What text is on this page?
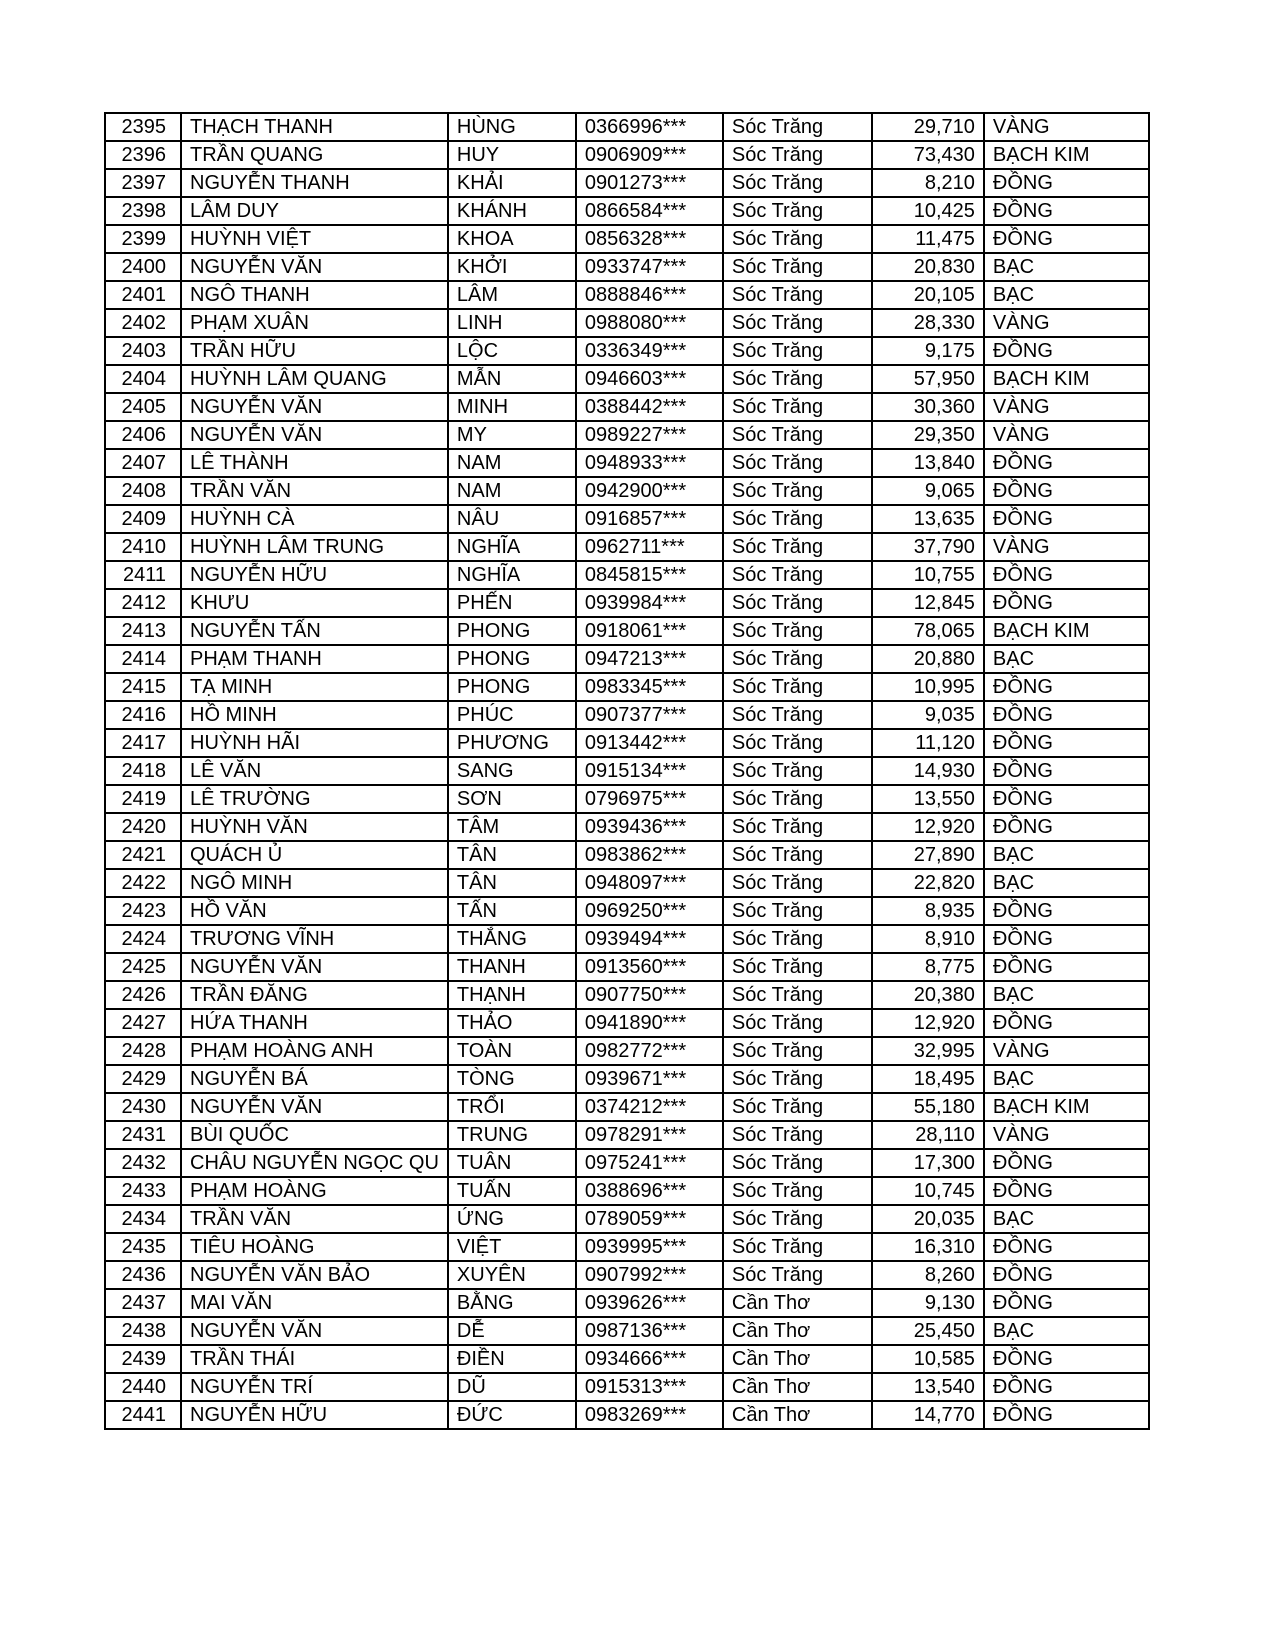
2395	THẠCH THANH	HÙNG	0366996***	Sóc Trăng	29,710	VÀNG
2396	TRẦN QUANG	HUY	0906909***	Sóc Trăng	73,430	BẠCH KIM
2397	NGUYỄN THANH	KHẢI	0901273***	Sóc Trăng	8,210	ĐỒNG
2398	LÂM DUY	KHÁNH	0866584***	Sóc Trăng	10,425	ĐỒNG
2399	HUỲNH VIỆT	KHOA	0856328***	Sóc Trăng	11,475	ĐỒNG
2400	NGUYỄN VĂN	KHỞI	0933747***	Sóc Trăng	20,830	BẠC
2401	NGÔ THANH	LÂM	0888846***	Sóc Trăng	20,105	BẠC
2402	PHẠM XUÂN	LINH	0988080***	Sóc Trăng	28,330	VÀNG
2403	TRẦN HỮU	LỘC	0336349***	Sóc Trăng	9,175	ĐỒNG
2404	HUỲNH LÂM QUANG	MẪN	0946603***	Sóc Trăng	57,950	BẠCH KIM
2405	NGUYỄN VĂN	MINH	0388442***	Sóc Trăng	30,360	VÀNG
2406	NGUYỄN VĂN	MY	0989227***	Sóc Trăng	29,350	VÀNG
2407	LÊ THÀNH	NAM	0948933***	Sóc Trăng	13,840	ĐỒNG
2408	TRẦN VĂN	NAM	0942900***	Sóc Trăng	9,065	ĐỒNG
2409	HUỲNH CÀ	NÂU	0916857***	Sóc Trăng	13,635	ĐỒNG
2410	HUỲNH LÂM TRUNG	NGHĨA	0962711***	Sóc Trăng	37,790	VÀNG
2411	NGUYỄN HỮU	NGHĨA	0845815***	Sóc Trăng	10,755	ĐỒNG
2412	KHƯU	PHẾN	0939984***	Sóc Trăng	12,845	ĐỒNG
2413	NGUYỄN TẤN	PHONG	0918061***	Sóc Trăng	78,065	BẠCH KIM
2414	PHẠM THANH	PHONG	0947213***	Sóc Trăng	20,880	BẠC
2415	TẠ MINH	PHONG	0983345***	Sóc Trăng	10,995	ĐỒNG
2416	HỒ MINH	PHÚC	0907377***	Sóc Trăng	9,035	ĐỒNG
2417	HUỲNH HÃI	PHƯƠNG	0913442***	Sóc Trăng	11,120	ĐỒNG
2418	LÊ VĂN	SANG	0915134***	Sóc Trăng	14,930	ĐỒNG
2419	LÊ TRƯỜNG	SƠN	0796975***	Sóc Trăng	13,550	ĐỒNG
2420	HUỲNH VĂN	TÂM	0939436***	Sóc Trăng	12,920	ĐỒNG
2421	QUÁCH Ủ	TÂN	0983862***	Sóc Trăng	27,890	BẠC
2422	NGÔ MINH	TÂN	0948097***	Sóc Trăng	22,820	BẠC
2423	HỒ VĂN	TẤN	0969250***	Sóc Trăng	8,935	ĐỒNG
2424	TRƯƠNG VĨNH	THẮNG	0939494***	Sóc Trăng	8,910	ĐỒNG
2425	NGUYỄN VĂN	THANH	0913560***	Sóc Trăng	8,775	ĐỒNG
2426	TRẦN ĐĂNG	THẠNH	0907750***	Sóc Trăng	20,380	BẠC
2427	HỨA THANH	THẢO	0941890***	Sóc Trăng	12,920	ĐỒNG
2428	PHẠM HOÀNG ANH	TOÀN	0982772***	Sóc Trăng	32,995	VÀNG
2429	NGUYỄN BÁ	TÒNG	0939671***	Sóc Trăng	18,495	BẠC
2430	NGUYỄN VĂN	TRỔI	0374212***	Sóc Trăng	55,180	BẠCH KIM
2431	BÙI QUỐC	TRUNG	0978291***	Sóc Trăng	28,110	VÀNG
2432	CHÂU NGUYỄN NGỌC QU	TUÂN	0975241***	Sóc Trăng	17,300	ĐỒNG
2433	PHẠM HOÀNG	TUẤN	0388696***	Sóc Trăng	10,745	ĐỒNG
2434	TRẦN VĂN	ỨNG	0789059***	Sóc Trăng	20,035	BẠC
2435	TIÊU HOÀNG	VIỆT	0939995***	Sóc Trăng	16,310	ĐỒNG
2436	NGUYỄN VĂN BẢO	XUYÊN	0907992***	Sóc Trăng	8,260	ĐỒNG
2437	MAI VĂN	BẰNG	0939626***	Cần Thơ	9,130	ĐỒNG
2438	NGUYỄN VĂN	DỄ	0987136***	Cần Thơ	25,450	BẠC
2439	TRẦN THÁI	ĐIỀN	0934666***	Cần Thơ	10,585	ĐỒNG
2440	NGUYỄN TRÍ	DŨ	0915313***	Cần Thơ	13,540	ĐỒNG
2441	NGUYỄN HỮU	ĐỨC	0983269***	Cần Thơ	14,770	ĐỒNG
